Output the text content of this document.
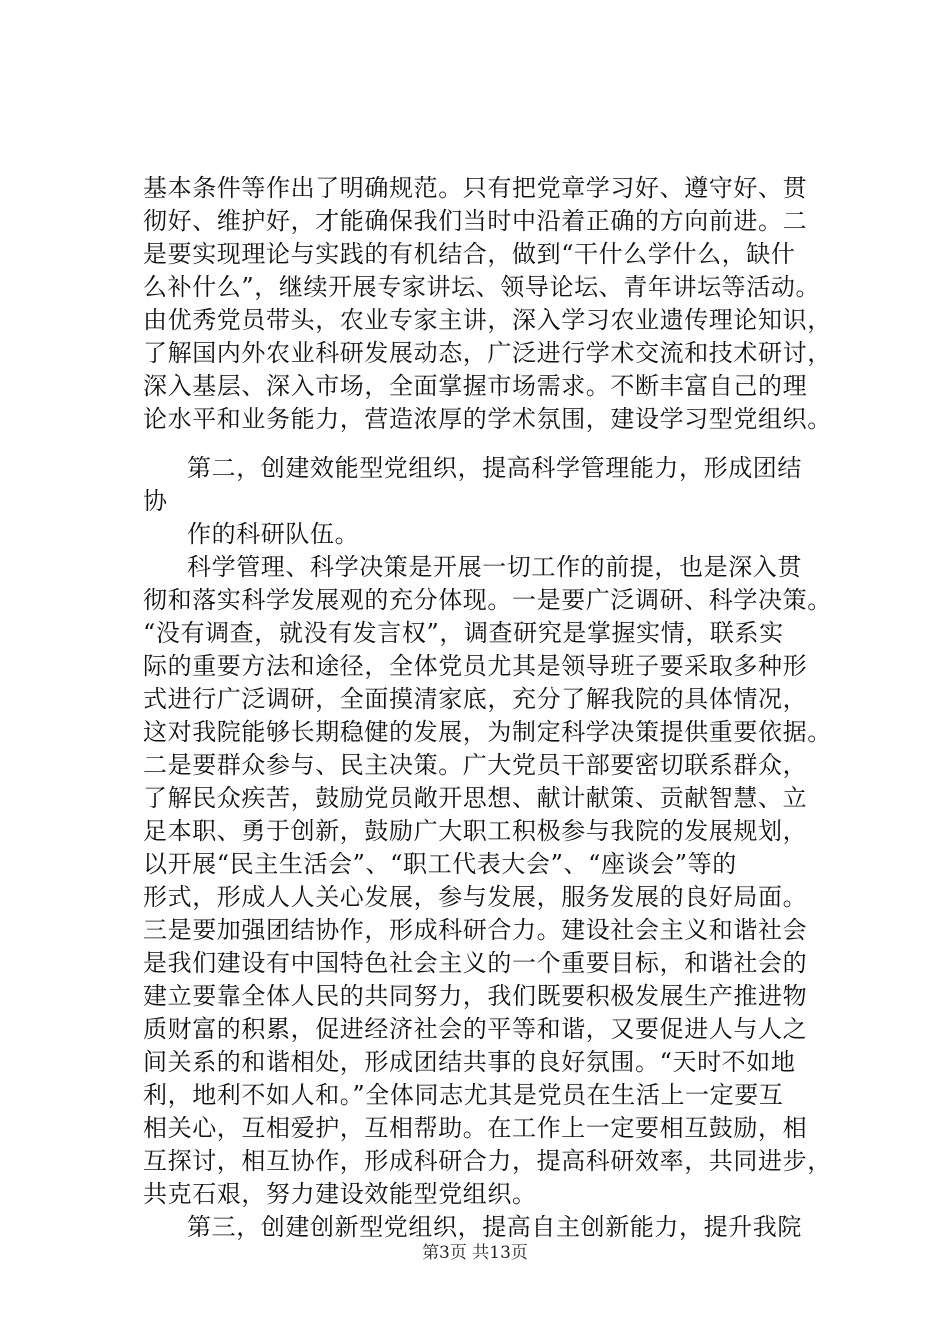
基本条件等作出了明确规范。只有把党章学习好、遵守好、贯
彻好、维护好，才能确保我们当时中沿着正确的方向前进。二
是要实现理论与实践的有机结合，做到“干什么学什么，缺什
么补什么”，继续开展专家讲坛、领导论坛、青年讲坛等活动。
由优秀党员带头，农业专家主讲，深入学习农业遗传理论知识，
了解国内外农业科研发展动态，广泛进行学术交流和技术研讨，
深入基层、深入市场，全面掌握市场需求。不断丰富自己的理
论水平和业务能力，营造浓厚的学术氛围，建设学习型党组织。
第二，创建效能型党组织，提高科学管理能力，形成团结
协
作的科研队伍。
科学管理、科学决策是开展一切工作的前提，也是深入贯
彻和落实科学发展观的充分体现。一是要广泛调研、科学决策。
“没有调查，就没有发言权”，调查研究是掌握实情，联系实
际的重要方法和途径，全体党员尤其是领导班子要采取多种形
式进行广泛调研，全面摸清家底，充分了解我院的具体情况，
这对我院能够长期稳健的发展，为制定科学决策提供重要依据。
二是要群众参与、民主决策。广大党员干部要密切联系群众，
了解民众疾苦，鼓励党员敞开思想、献计献策、贡献智慧、立
足本职、勇于创新，鼓励广大职工积极参与我院的发展规划，
以开展“民主生活会”、“职工代表大会”、“座谈会”等的
形式，形成人人关心发展，参与发展，服务发展的良好局面。
三是要加强团结协作，形成科研合力。建设社会主义和谐社会
是我们建设有中国特色社会主义的一个重要目标，和谐社会的
建立要靠全体人民的共同努力，我们既要积极发展生产推进物
质财富的积累，促进经济社会的平等和谐，又要促进人与人之
间关系的和谐相处，形成团结共事的良好氛围。“天时不如地
利，地利不如人和。”全体同志尤其是党员在生活上一定要互
相关心，互相爱护，互相帮助。在工作上一定要相互鼓励，相
互探讨，相互协作，形成科研合力，提高科研效率，共同进步，
共克石艰，努力建设效能型党组织。
第三，创建创新型党组织，提高自主创新能力，提升我院
第3页 共13页
